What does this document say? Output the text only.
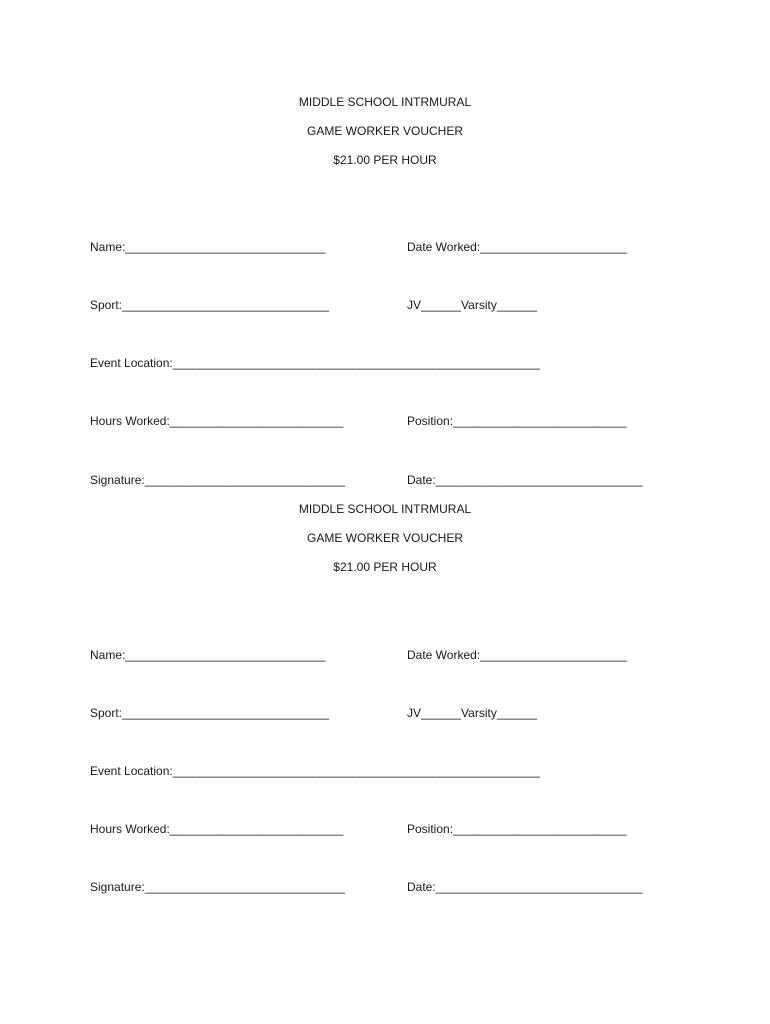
MIDDLE SCHOOL INTRMURAL
GAME WORKER VOUCHER
$21.00 PER HOUR
Name:______________________________	Date Worked:______________________
Sport:_______________________________	JV______Varsity______
Event Location:_______________________________________________________
Hours Worked:__________________________	Position:__________________________
Signature:______________________________	Date:_______________________________
MIDDLE SCHOOL INTRMURAL
GAME WORKER VOUCHER
$21.00 PER HOUR
Name:______________________________	Date Worked:______________________
Sport:_______________________________	JV______Varsity______
Event Location:_______________________________________________________
Hours Worked:__________________________	Position:__________________________
Signature:______________________________	Date:_______________________________
